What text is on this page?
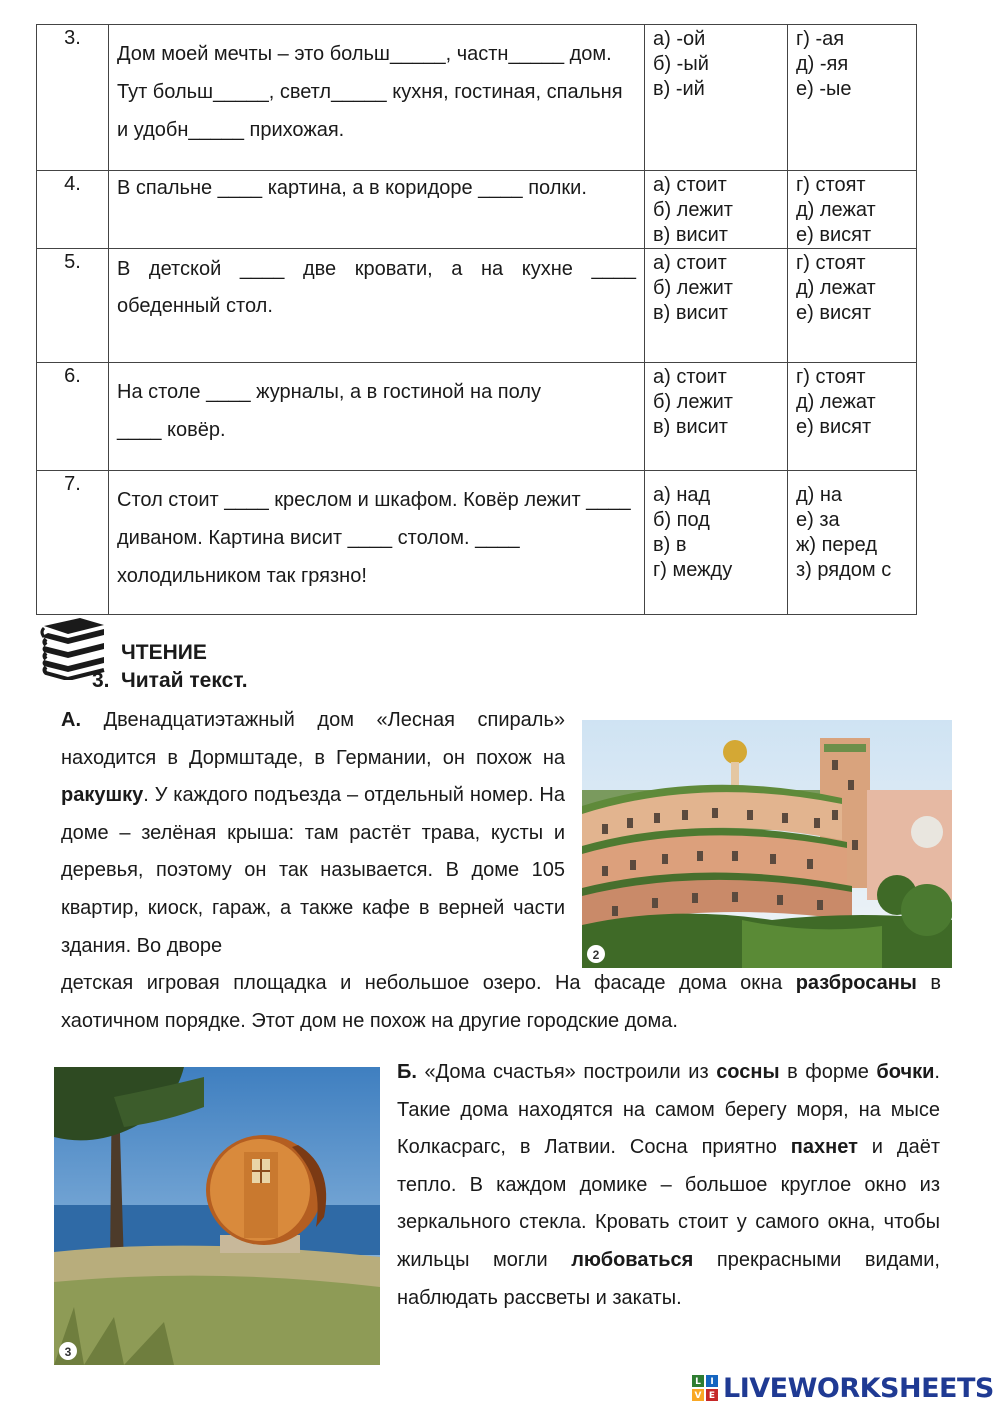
3.	Дом моей мечты – это больш_____, частн_____ дом. Тут больш_____, светл_____ кухня, гостиная, спальня и удобн_____ прихожая.	а) -ой
б) -ый
в) -ий	г) -ая
д) -яя
е) -ые

4.	В спальне ____ картина, а в коридоре ____ полки.	а) стоит
б) лежит
в) висит	г) стоят
д) лежат
е) висят

5.	В детской ____ две кровати, а на кухне ____ обеденный стол.	а) стоит
б) лежит
в) висит	г) стоят
д) лежат
е) висят

6.	На столе ____ журналы, а в гостиной на полу ____ ковёр.	а) стоит
б) лежит
в) висит	г) стоят
д) лежат
е) висят

7.	Стол стоит ____ креслом и шкафом. Ковёр лежит ____ диваном. Картина висит ____ столом. ____ холодильником так грязно!	а) над
б) под
в) в
г) между	д) на
е) за
ж) перед
з) рядом с
ЧТЕНИЕ
3. Читай текст.
А. Двенадцатиэтажный дом «Лесная спираль» находится в Дормштаде, в Германии, он похож на ракушку. У каждого подъезда – отдельный номер. На доме – зелёная крыша: там растёт трава, кусты и деревья, поэтому он так называется. В доме 105 квартир, киоск, гараж, а также кафе в верней части здания. Во дворе
детская игровая площадка и небольшое озеро. На фасаде дома окна разбросаны в хаотичном порядке. Этот дом не похож на другие городские дома.
2
3
Б. «Дома счастья» построили из сосны в форме бочки. Такие дома находятся на самом берегу моря, на мысе Колкасрагс, в Латвии. Сосна приятно пахнет и даёт тепло. В каждом домике – большое круглое окно из зеркального стекла. Кровать стоит у самого окна, чтобы жильцы могли любоваться прекрасными видами, наблюдать рассветы и закаты.
L I
V E LIVEWORKSHEETS
